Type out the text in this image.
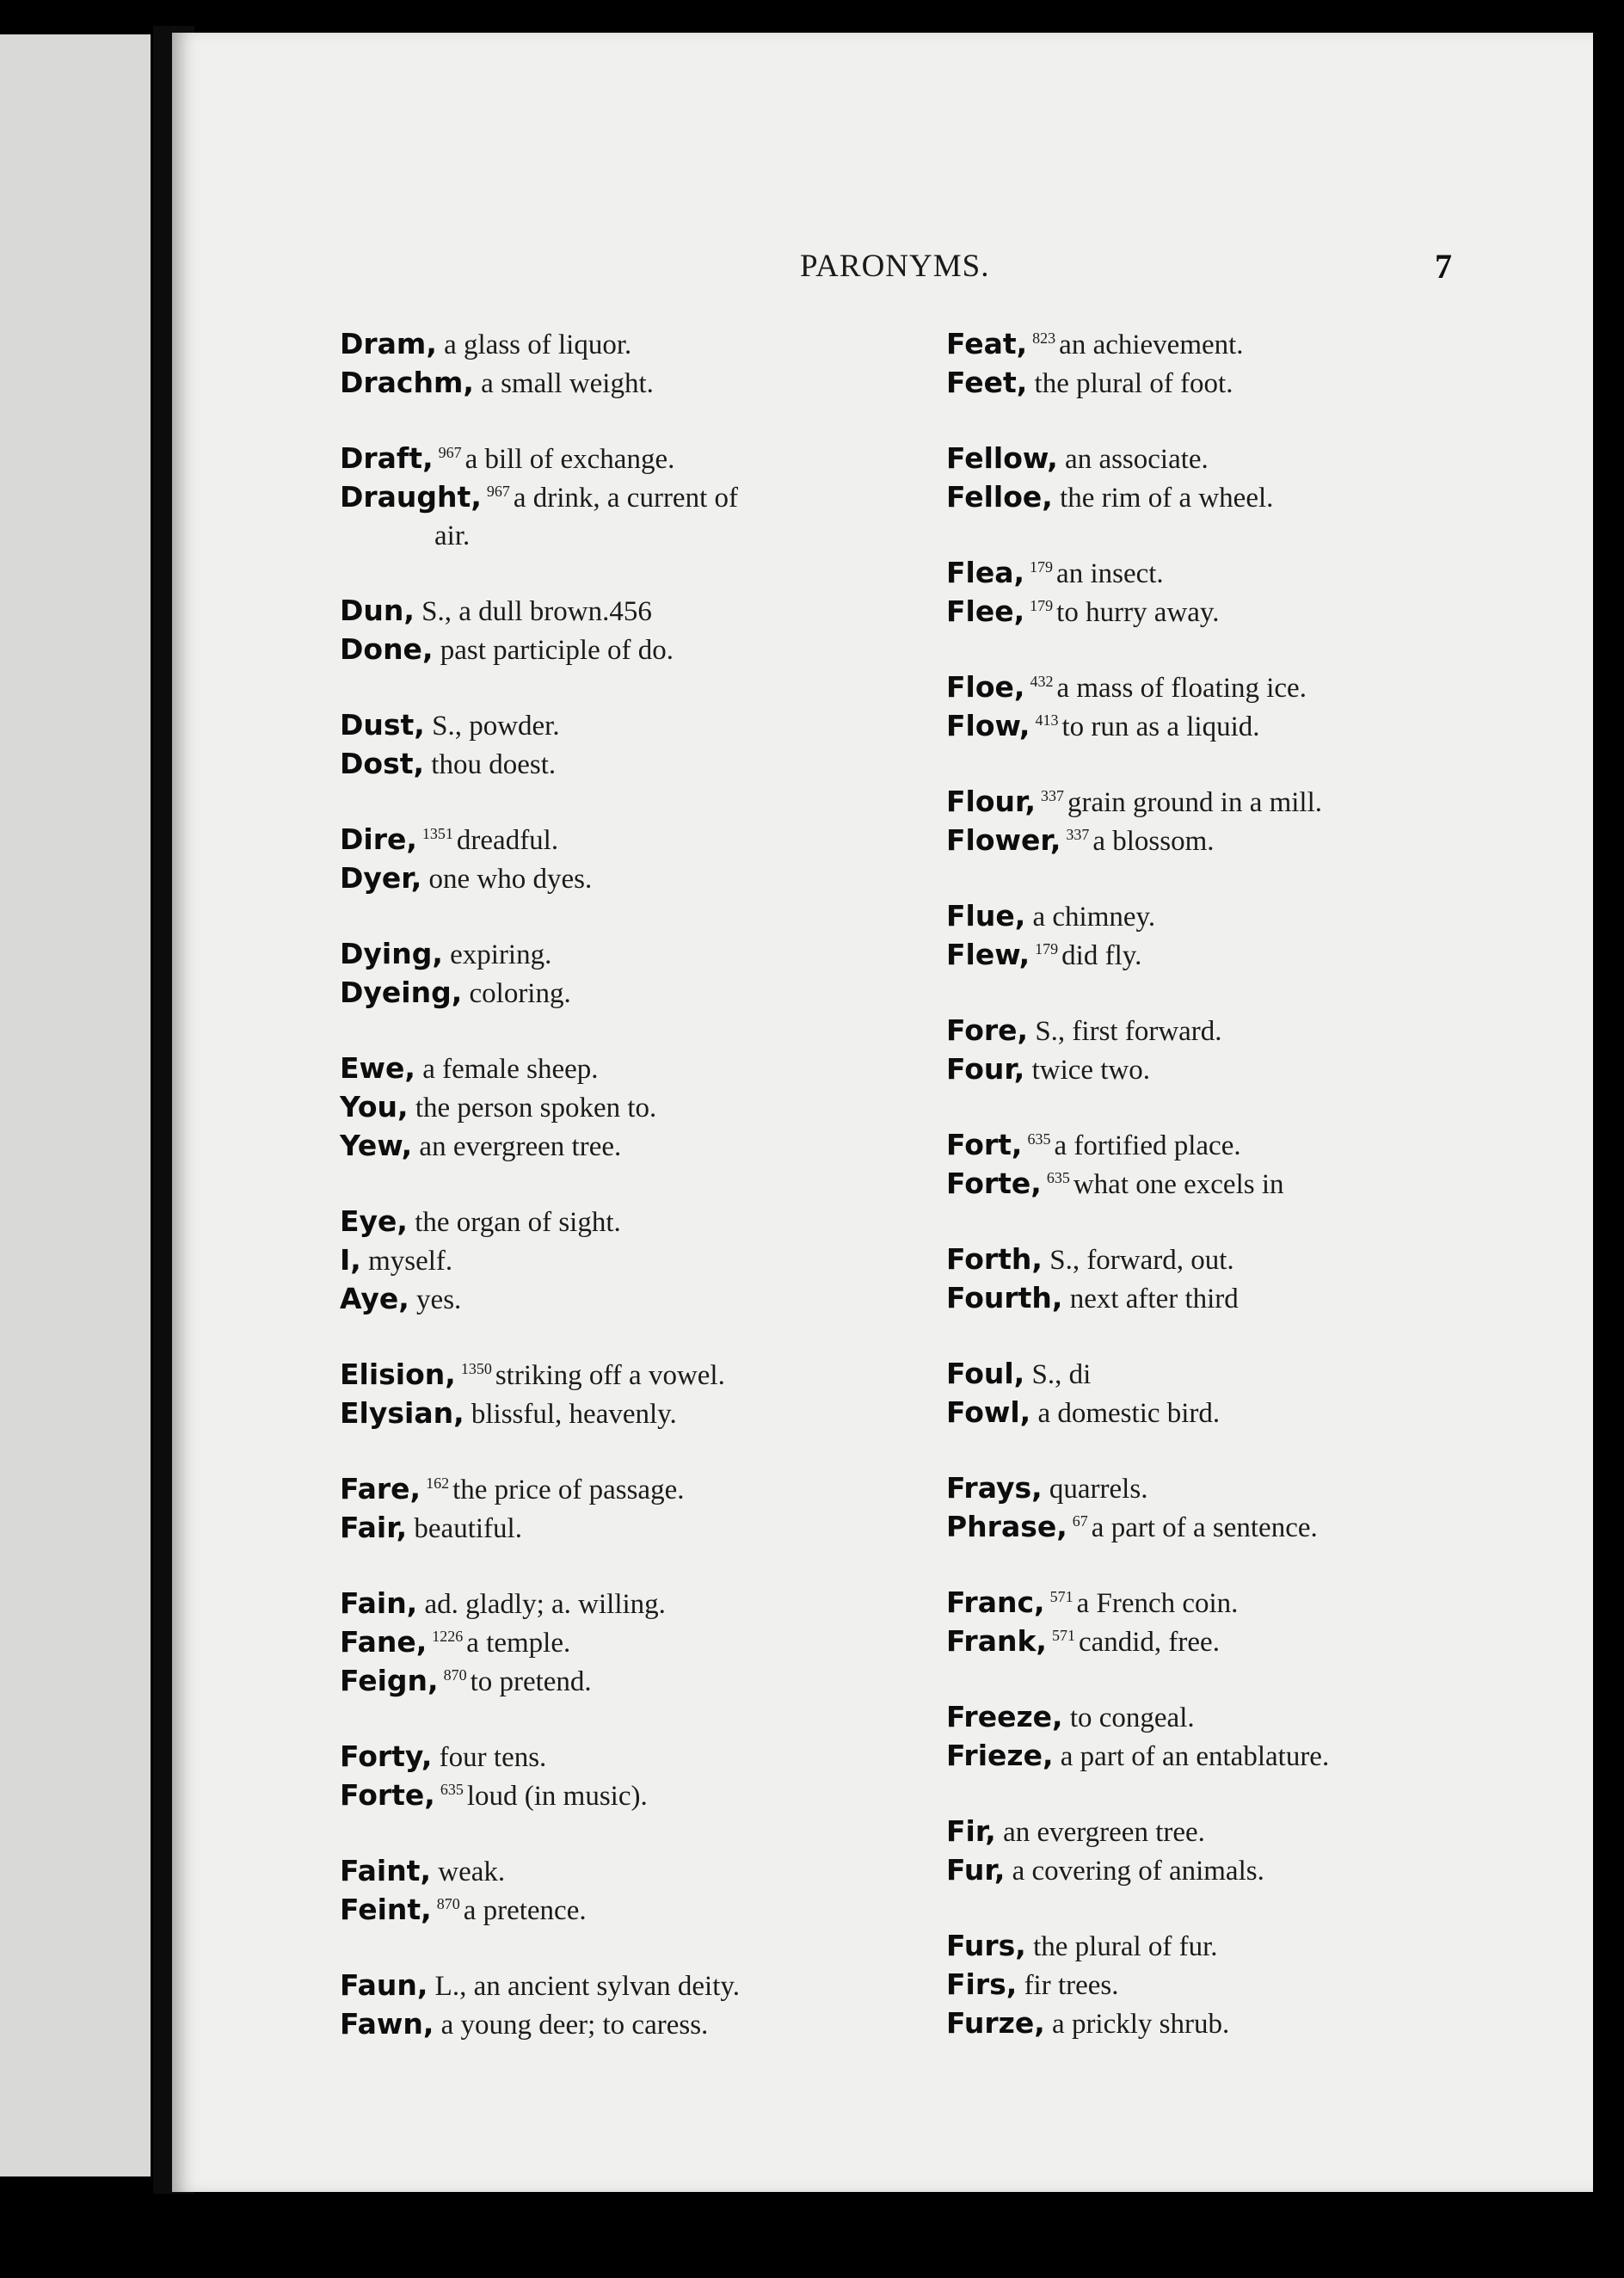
PARONYMS.	7
Dram, a glass of liquor.
Drachm, a small weight.
Draft, $^{967}$ a bill of exchange.
Draught, $^{967}$ a drink, a current of
air.
Dun, S., a dull brown.456
Done, past participle of do.
Dust, S., powder.
Dost, thou doest.
Dire, $^{1351}$ dreadful.
Dyer, one who dyes.
Dying, expiring.
Dyeing, coloring.
Ewe, a female sheep.
You, the person spoken to.
Yew, an evergreen tree.
Eye, the organ of sight.
I, myself.
Aye, yes.
Elision, $^{1350}$ striking off a vowel.
Elysian, blissful, heavenly.
Fare, $^{162}$ the price of passage.
Fair, beautiful.
Fain, ad. gladly; a. willing.
Fane, $^{1226}$ a temple.
Feign, $^{870}$ to pretend.
Forty, four tens.
Forte, $^{635}$ loud (in music).
Faint, weak.
Feint, $^{870}$ a pretence.
Faun, L., an ancient sylvan deity.
Fawn, a young deer; to caress.
Feat, $^{823}$ an achievement.
Feet, the plural of foot.
Fellow, an associate.
Felloe, the rim of a wheel.
Flea, $^{179}$ an insect.
Flee, $^{179}$ to hurry away.
Floe, $^{432}$ a mass of floating ice.
Flow, $^{413}$ to run as a liquid.
Flour, $^{337}$ grain ground in a mill.
Flower, $^{337}$ a blossom.
Flue, a chimney.
Flew, $^{179}$ did fly.
Fore, S., first forward.
Four, twice two.
Fort, $^{635}$ a fortified place.
Forte, $^{635}$ what one excels in
Forth, S., forward, out.
Fourth, next after third
Foul, S., di
Fowl, a domestic bird.
Frays, quarrels.
Phrase, $^{67}$ a part of a sentence.
Franc, $^{571}$ a French coin.
Frank, $^{571}$ candid, free.
Freeze, to congeal.
Frieze, a part of an entablature.
Fir, an evergreen tree.
Fur, a covering of animals.
Furs, the plural of fur.
Firs, fir trees.
Furze, a prickly shrub.
